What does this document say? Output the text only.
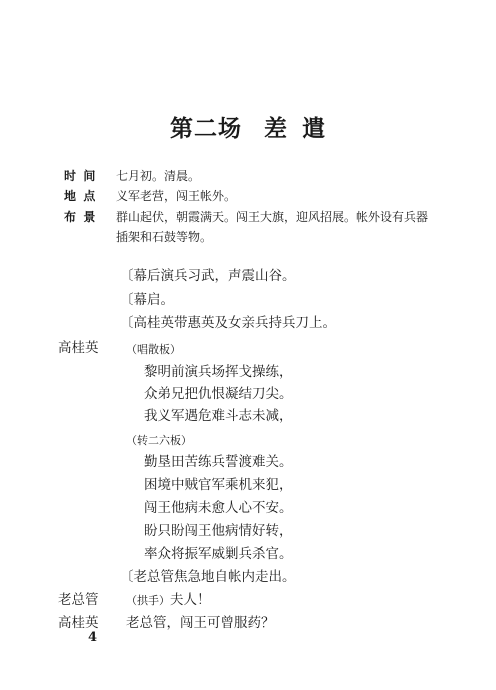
第二场 差 遣
时 间	七月初。清晨。
地 点	义军老营，闯王帐外。
布 景	群山起伏，朝霞满天。闯王大旗，迎风招展。帐外设有兵器
插架和石鼓等物。
〔幕后演兵习武，声震山谷。
〔幕启。
〔高桂英带惠英及女亲兵持兵刀上。
高桂英	（唱散板）
黎明前演兵场挥戈操练，
众弟兄把仇恨凝结刀尖。
我义军遇危难斗志未减，
（转二六板）
勤垦田苦练兵誓渡难关。
困境中贼官军乘机来犯，
闯王他病未愈人心不安。
盼只盼闯王他病情好转，
率众将振军威剿兵杀官。
〔老总管焦急地自帐内走出。
老总管	（拱手）夫人！
高桂英 老总管，闯王可曾服药？
4
